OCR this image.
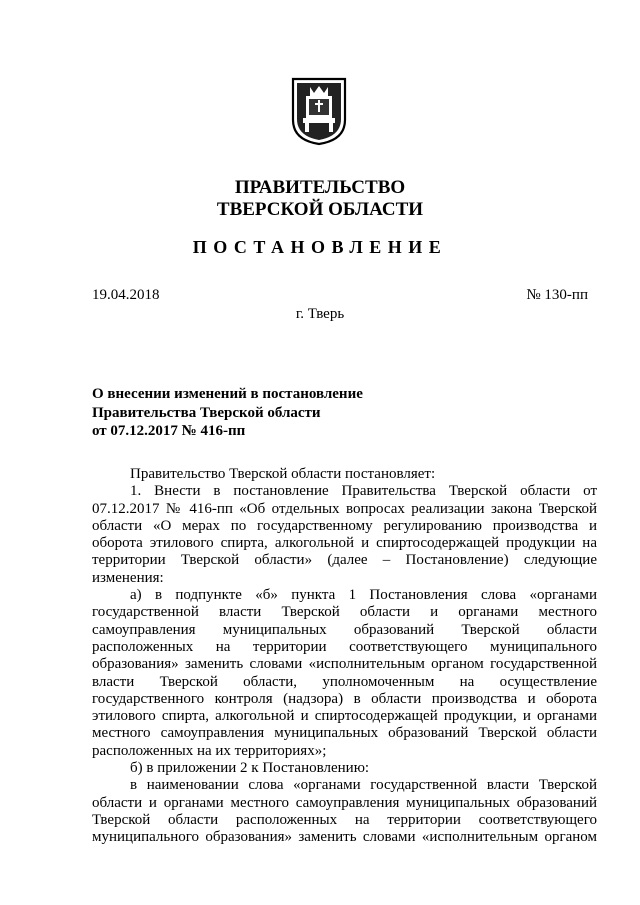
ПРАВИТЕЛЬСТВО
ТВЕРСКОЙ ОБЛАСТИ
ПОСТАНОВЛЕНИЕ
19.04.2018	№ 130-пп
г. Тверь
О внесении изменений в постановление
Правительства Тверской области
от 07.12.2017 № 416-пп

Правительство Тверской области постановляет:

1. Внести в постановление Правительства Тверской области от 07.12.2017 № 416-пп «Об отдельных вопросах реализации закона Тверской области «О мерах по государственному регулированию производства и оборота этилового спирта, алкогольной и спиртосодержащей продукции на территории Тверской области» (далее – Постановление) следующие изменения:

а) в подпункте «б» пункта 1 Постановления слова «органами государственной власти Тверской области и органами местного самоуправления муниципальных образований Тверской области расположенных на территории соответствующего муниципального образования» заменить словами «исполнительным органом государственной власти Тверской области, уполномоченным на осуществление государственного контроля (надзора) в области производства и оборота этилового спирта, алкогольной и спиртосодержащей продукции, и органами местного самоуправления муниципальных образований Тверской области расположенных на их территориях»;

б) в приложении 2 к Постановлению:

в наименовании слова «органами государственной власти Тверской области и органами местного самоуправления муниципальных образований Тверской области расположенных на территории соответствующего муниципального образования» заменить словами «исполнительным органом
